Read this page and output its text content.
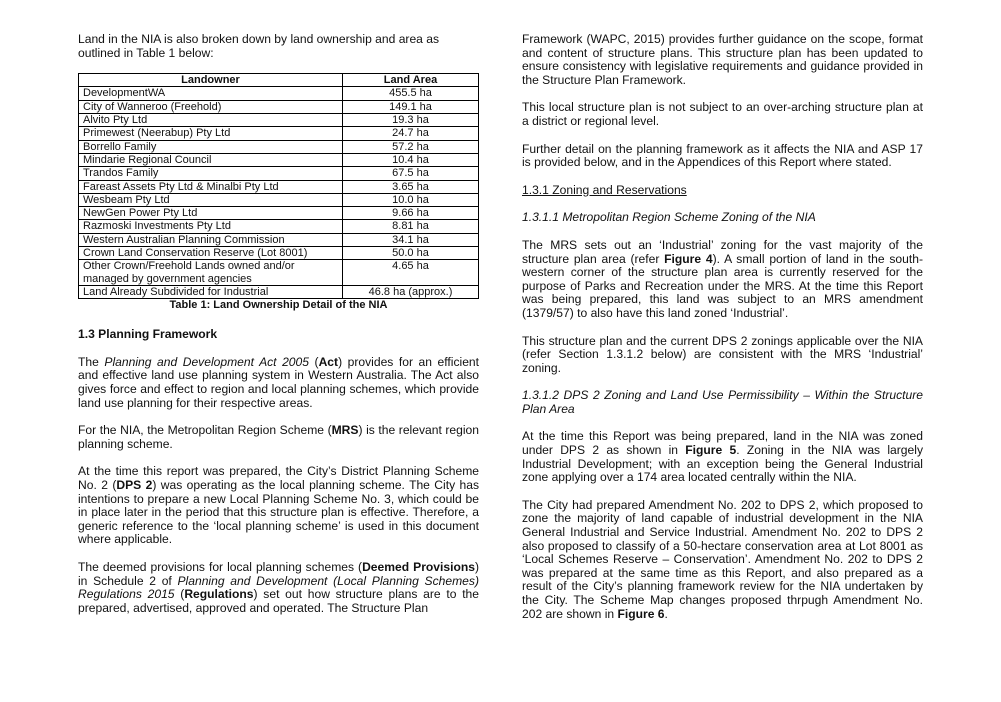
Land in the NIA is also broken down by land ownership and area as outlined in Table 1 below:

Landowner	Land Area
DevelopmentWA	455.5 ha
City of Wanneroo (Freehold)	149.1 ha
Alvito Pty Ltd	19.3 ha
Primewest (Neerabup) Pty Ltd	24.7 ha
Borrello Family	57.2 ha
Mindarie Regional Council	10.4 ha
Trandos Family	67.5 ha
Fareast Assets Pty Ltd & Minalbi Pty Ltd	3.65 ha
Wesbeam Pty Ltd	10.0 ha
NewGen Power Pty Ltd	9.66 ha
Razmoski Investments Pty Ltd	8.81 ha
Western Australian Planning Commission	34.1 ha
Crown Land Conservation Reserve (Lot 8001)	50.0 ha
Other Crown/Freehold Lands owned and/or managed by government agencies	4.65 ha
Land Already Subdivided for Industrial	46.8 ha (approx.)
Table 1: Land Ownership Detail of the NIA
1.3 Planning Framework

The Planning and Development Act 2005 (Act) provides for an efficient and effective land use planning system in Western Australia. The Act also gives force and effect to region and local planning schemes, which provide land use planning for their respective areas.

For the NIA, the Metropolitan Region Scheme (MRS) is the relevant region planning scheme.

At the time this report was prepared, the City’s District Planning Scheme No. 2 (DPS 2) was operating as the local planning scheme. The City has intentions to prepare a new Local Planning Scheme No. 3, which could be in place later in the period that this structure plan is effective. Therefore, a generic reference to the ‘local planning scheme’ is used in this document where applicable.

The deemed provisions for local planning schemes (Deemed Provisions) in Schedule 2 of Planning and Development (Local Planning Schemes) Regulations 2015 (Regulations) set out how structure plans are to the prepared, advertised, approved and operated. The Structure Plan

Framework (WAPC, 2015) provides further guidance on the scope, format and content of structure plans. This structure plan has been updated to ensure consistency with legislative requirements and guidance provided in the Structure Plan Framework.

This local structure plan is not subject to an over-arching structure plan at a district or regional level.

Further detail on the planning framework as it affects the NIA and ASP 17 is provided below, and in the Appendices of this Report where stated.

1.3.1 Zoning and Reservations
1.3.1.1 Metropolitan Region Scheme Zoning of the NIA

The MRS sets out an ‘Industrial’ zoning for the vast majority of the structure plan area (refer Figure 4). A small portion of land in the south-western corner of the structure plan area is currently reserved for the purpose of Parks and Recreation under the MRS. At the time this Report was being prepared, this land was subject to an MRS amendment (1379/57) to also have this land zoned ‘Industrial’.

This structure plan and the current DPS 2 zonings applicable over the NIA (refer Section 1.3.1.2 below) are consistent with the MRS ‘Industrial’ zoning.

1.3.1.2 DPS 2 Zoning and Land Use Permissibility – Within the Structure Plan Area

At the time this Report was being prepared, land in the NIA was zoned under DPS 2 as shown in Figure 5. Zoning in the NIA was largely Industrial Development; with an exception being the General Industrial zone applying over a 174 area located centrally within the NIA.

The City had prepared Amendment No. 202 to DPS 2, which proposed to zone the majority of land capable of industrial development in the NIA General Industrial and Service Industrial. Amendment No. 202 to DPS 2 also proposed to classify of a 50-hectare conservation area at Lot 8001 as ‘Local Schemes Reserve – Conservation’. Amendment No. 202 to DPS 2 was prepared at the same time as this Report, and also prepared as a result of the City’s planning framework review for the NIA undertaken by the City. The Scheme Map changes proposed thrpugh Amendment No. 202 are shown in Figure 6.
